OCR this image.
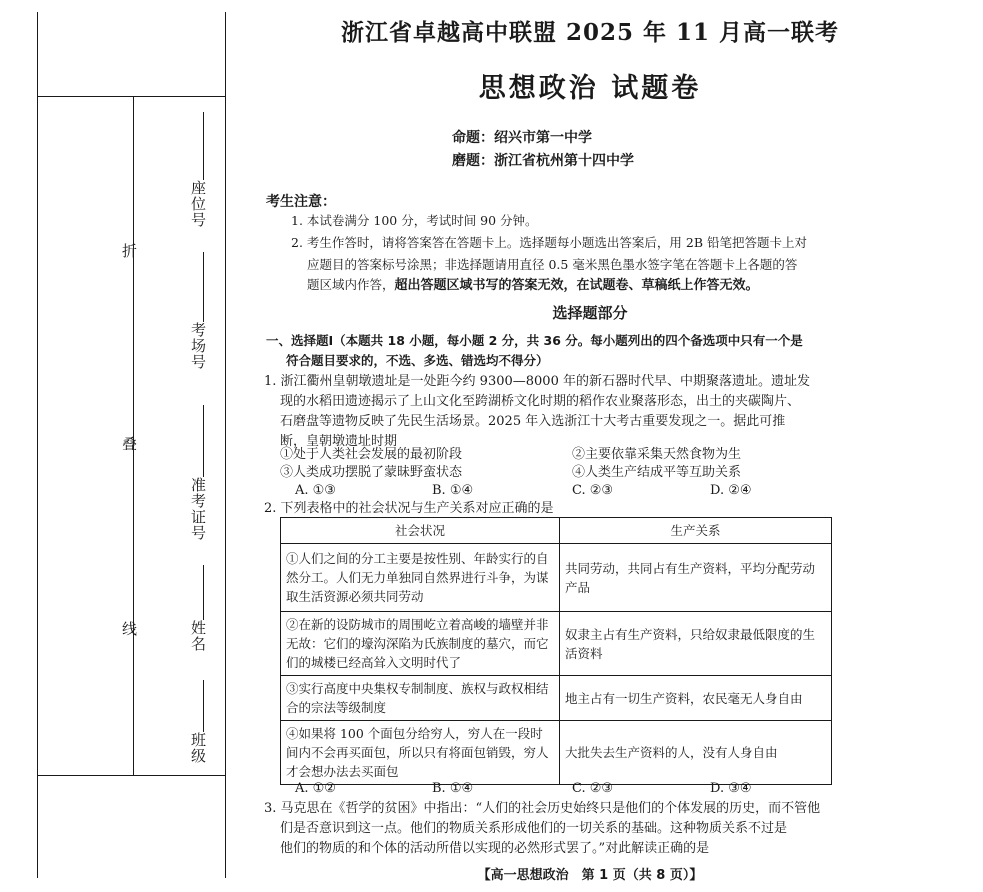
折
叠
线
座位号
考场号
准考证号
姓名
班级
浙江省卓越高中联盟 2025 年 11 月高一联考
思想政治 试题卷
命题：绍兴市第一中学
磨题：浙江省杭州第十四中学
考生注意：
1. 本试卷满分 100 分，考试时间 90 分钟。
2. 考生作答时，请将答案答在答题卡上。选择题每小题选出答案后，用 2B 铅笔把答题卡上对
应题目的答案标号涂黑；非选择题请用直径 0.5 毫米黑色墨水签字笔在答题卡上各题的答
题区域内作答，超出答题区域书写的答案无效，在试题卷、草稿纸上作答无效。
选择题部分
一、选择题Ⅰ（本题共 18 小题，每小题 2 分，共 36 分。每小题列出的四个备选项中只有一个是
符合题目要求的，不选、多选、错选均不得分）
1. 浙江衢州皇朝墩遗址是一处距今约 9300—8000 年的新石器时代早、中期聚落遗址。遗址发
现的水稻田遗迹揭示了上山文化至跨湖桥文化时期的稻作农业聚落形态，出土的夹碳陶片、
石磨盘等遗物反映了先民生活场景。2025 年入选浙江十大考古重要发现之一。据此可推
断，皇朝墩遗址时期
①处于人类社会发展的最初阶段	②主要依靠采集天然食物为生
③人类成功摆脱了蒙昧野蛮状态	④人类生产结成平等互助关系
A. ①③	B. ①④	C. ②③	D. ②④
2. 下列表格中的社会状况与生产关系对应正确的是
社会状况	生产关系
①人们之间的分工主要是按性别、年龄实行的自然分工。人们无力单独同自然界进行斗争，为谋取生活资源必须共同劳动	共同劳动，共同占有生产资料，平均分配劳动产品
②在新的设防城市的周围屹立着高峻的墙壁并非无故：它们的壕沟深陷为氏族制度的墓穴，而它们的城楼已经高耸入文明时代了	奴隶主占有生产资料，只给奴隶最低限度的生活资料
③实行高度中央集权专制制度、族权与政权相结合的宗法等级制度	地主占有一切生产资料，农民毫无人身自由
④如果将 100 个面包分给穷人，穷人在一段时间内不会再买面包，所以只有将面包销毁，穷人才会想办法去买面包	大批失去生产资料的人，没有人身自由
A. ①②	B. ①④	C. ②③	D. ③④
3. 马克思在《哲学的贫困》中指出：“人们的社会历史始终只是他们的个体发展的历史，而不管他
们是否意识到这一点。他们的物质关系形成他们的一切关系的基础。这种物质关系不过是
他们的物质的和个体的活动所借以实现的必然形式罢了。”对此解读正确的是
【高一思想政治　第 1 页（共 8 页）】
